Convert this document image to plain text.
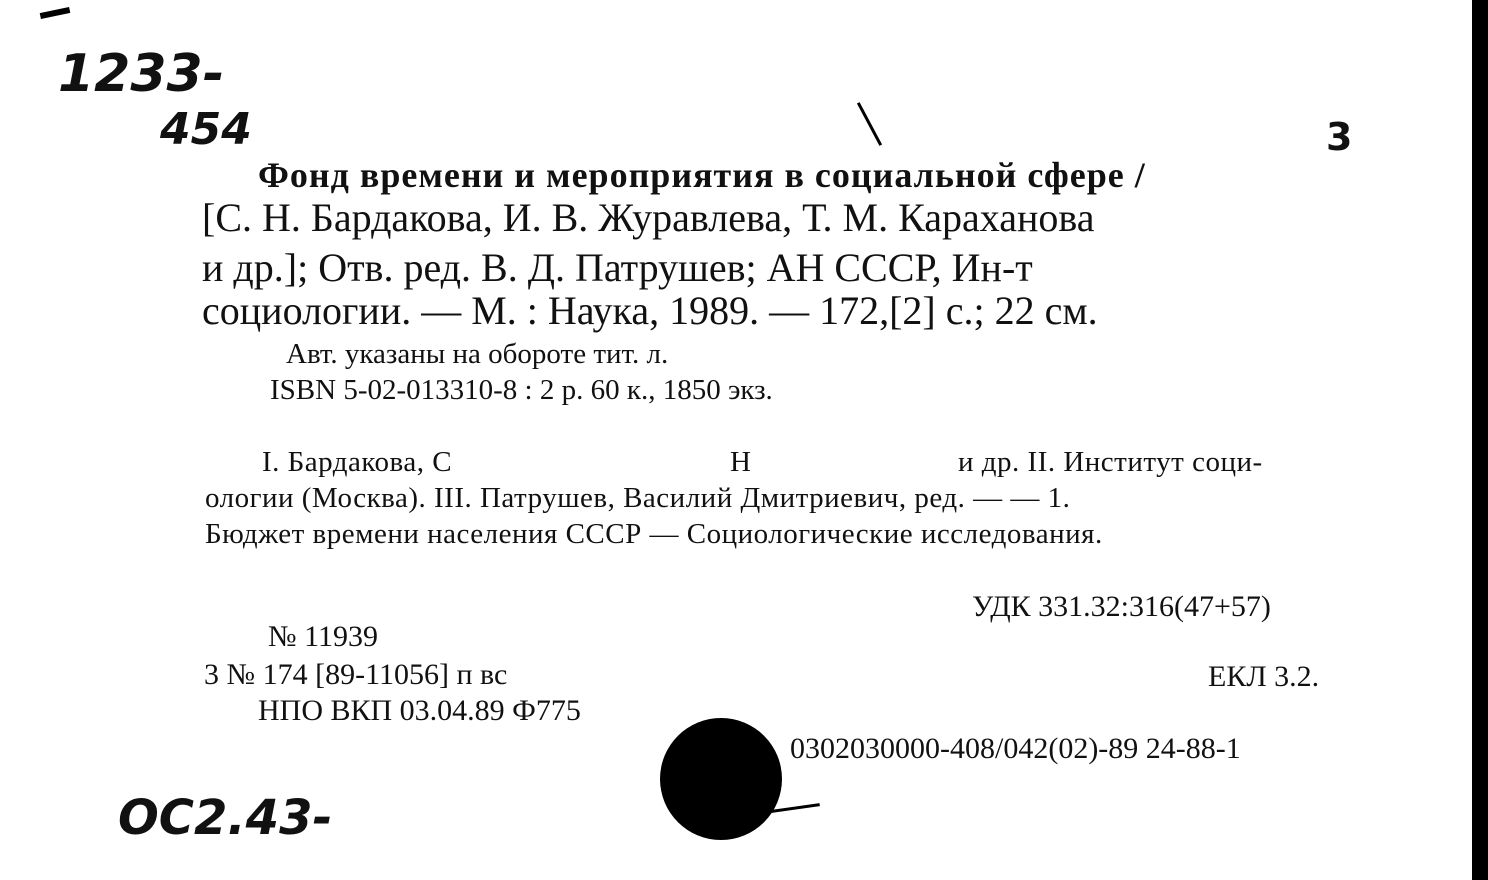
1233-
454	3
ОС2.43-
Фонд времени и мероприятия в социальной сфере /
[С. Н. Бардакова, И. В. Журавлева, Т. М. Караханова
и др.]; Отв. ред. В. Д. Патрушев; АН СССР, Ин-т
социологии. — М. : Наука, 1989. — 172,[2] с.; 22 см.
Авт. указаны на обороте тит. л.
ISBN 5-02-013310-8 : 2 р. 60 к., 1850 экз.
I. Бардакова, С	Н	и др. II. Институт соци-
ологии (Москва). III. Патрушев, Василий Дмитриевич, ред. — — 1.
Бюджет времени населения СССР — Социологические исследования.
УДК 331.32:316(47+57)
ЕКЛ 3.2.
№ 11939
3 № 174 [89-11056] п вс
НПО ВКП 03.04.89 Ф775
0302030000-408/042(02)-89 24-88-1
